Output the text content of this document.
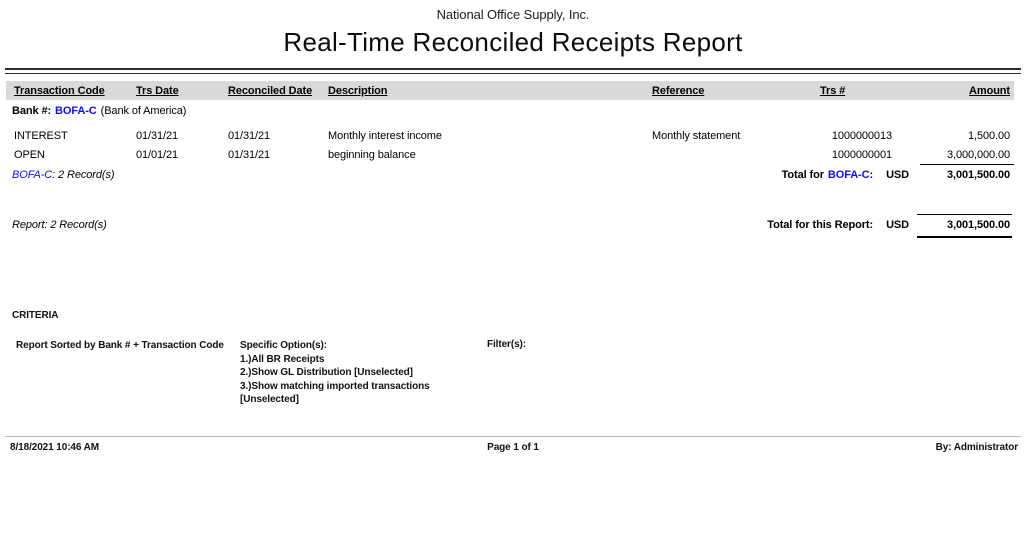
National Office Supply, Inc.
Real-Time Reconciled Receipts Report
Transaction Code	Trs Date	Reconciled Date	Description	Reference	Trs #	Amount
Bank #: BOFA-C (Bank of America)						

INTEREST	01/31/21	01/31/21	Monthly interest income	Monthly statement	1000000013	1,500.00
OPEN	01/01/21	01/31/21	beginning balance		1000000001	3,000,000.00
BOFA-C: 2 Record(s)				Total for BOFA-C: USD		3,001,500.00
Report: 2 Record(s)	Total for this Report: USD	3,001,500.00
CRITERIA
Report Sorted by Bank # + Transaction Code	Specific Option(s):
1.)All BR Receipts
2.)Show GL Distribution [Unselected]
3.)Show matching imported transactions [Unselected]
Filter(s):
8/18/2021 10:46 AM	Page 1 of 1	By: Administrator
